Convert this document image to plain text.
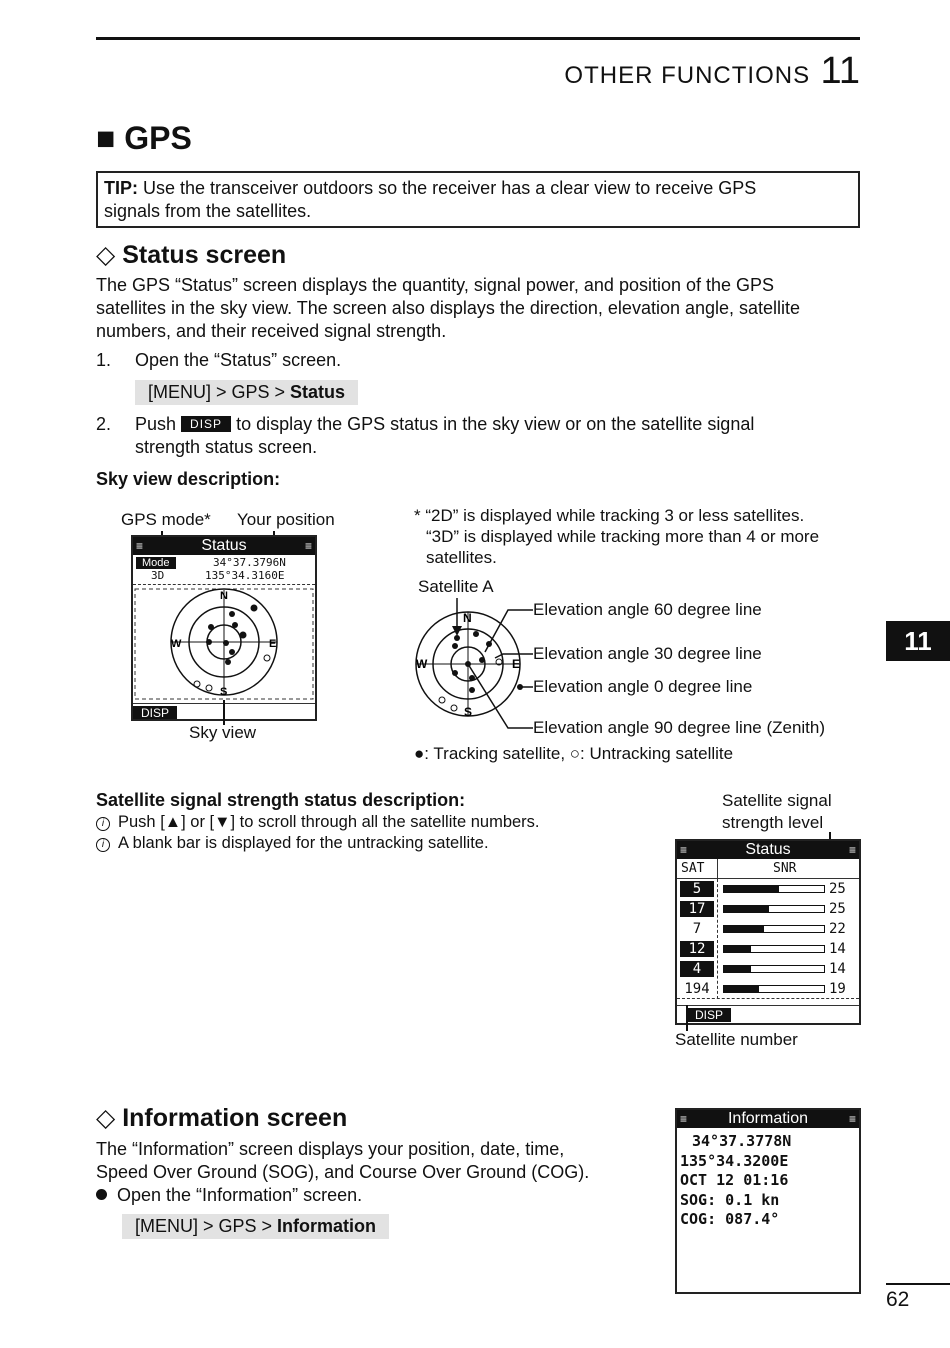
OTHER FUNCTIONS 11
■ GPS
TIP: Use the transceiver outdoors so the receiver has a clear view to receive GPS
signals from the satellites.
◇ Status screen
The GPS “Status” screen displays the quantity, signal power, and position of the GPS
satellites in the sky view. The screen also displays the direction, elevation angle, satellite
numbers, and their received signal strength.
1. Open the “Status” screen.
[MENU] > GPS > Status
2. Push DISP to display the GPS status in the sky view or on the satellite signal
strength status screen.
Sky view description:
GPS mode* Your position
≡	Status	≡
Mode
3D
34°37.3796N
135°34.3160E
N
S
E
W
DISP
Sky view
* “2D” is displayed while tracking 3 or less satellites.
“3D” is displayed while tracking more than 4 or more
satellites.
Satellite A
N
S
E
W
Elevation angle 60 degree line
Elevation angle 30 degree line
Elevation angle 0 degree line
Elevation angle 90 degree line (Zenith)
●: Tracking satellite, ○: Untracking satellite
Satellite signal strength status description:
i Push [▲] or [▼] to scroll through all the satellite numbers.
i A blank bar is displayed for the untracking satellite.
Satellite signal
strength level
≡	Status	≡
SAT	SNR
5	25
17	25
7	22
12	14
4	14
194	19
DISP
Satellite number
◇ Information screen
The “Information” screen displays your position, date, time,
Speed Over Ground (SOG), and Course Over Ground (COG).
Open the “Information” screen.
[MENU] > GPS > Information
≡	Information	≡
34°37.3778N
135°34.3200E
OCT 12 01:16
SOG: 0.1 kn
COG: 087.4°
11
62
